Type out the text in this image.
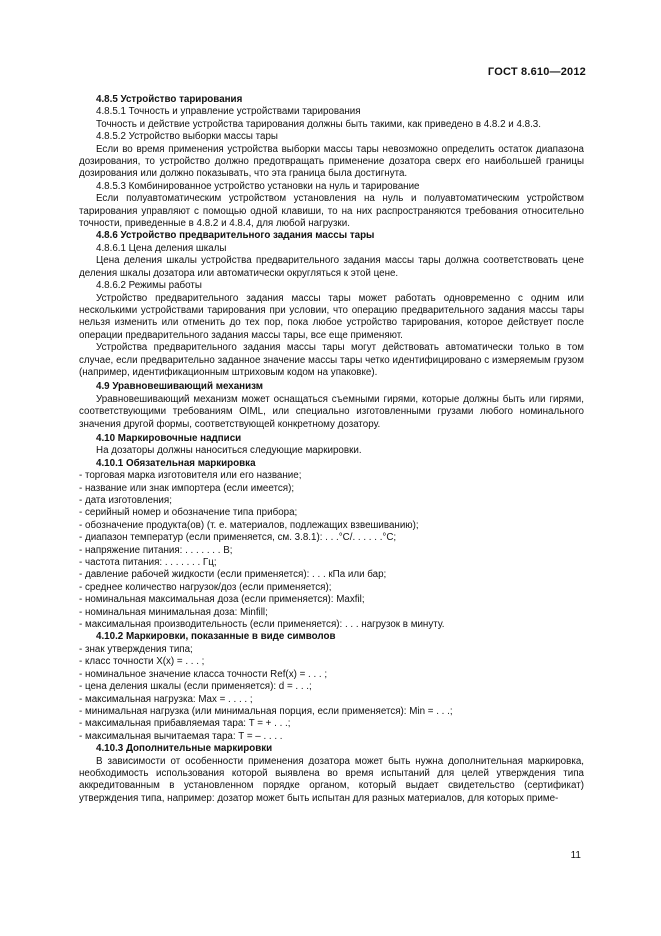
ГОСТ 8.610—2012

4.8.5 Устройство тарирования

4.8.5.1 Точность и управление устройствами тарирования

Точность и действие устройства тарирования должны быть такими, как приведено в 4.8.2 и 4.8.3.

4.8.5.2 Устройство выборки массы тары

Если во время применения устройства выборки массы тары невозможно определить остаток диапазона дозирования, то устройство должно предотвращать применение дозатора сверх его наибольшей границы дозирования или должно показывать, что эта граница была достигнута.

4.8.5.3 Комбинированное устройство установки на нуль и тарирование

Если полуавтоматическим устройством установления на нуль и полуавтоматическим устройством тарирования управляют с помощью одной клавиши, то на них распространяются требования относительно точности, приведенные в 4.8.2 и 4.8.4, для любой нагрузки.

4.8.6 Устройство предварительного задания массы тары

4.8.6.1 Цена деления шкалы

Цена деления шкалы устройства предварительного задания массы тары должна соответствовать цене деления шкалы дозатора или автоматически округляться к этой цене.

4.8.6.2 Режимы работы

Устройство предварительного задания массы тары может работать одновременно с одним или несколькими устройствами тарирования при условии, что операцию предварительного задания массы тары нельзя изменить или отменить до тех пор, пока любое устройство тарирования, которое действует после операции предварительного задания массы тары, все еще применяют.

Устройства предварительного задания массы тары могут действовать автоматически только в том случае, если предварительно заданное значение массы тары четко идентифицировано с измеряемым грузом (например, идентификационным штриховым кодом на упаковке).

4.9 Уравновешивающий механизм

Уравновешивающий механизм может оснащаться съемными гирями, которые должны быть или гирями, соответствующими требованиям OIML, или специально изготовленными грузами любого номинального значения другой формы, соответствующей конкретному дозатору.

4.10 Маркировочные надписи

На дозаторы должны наноситься следующие маркировки.

4.10.1 Обязательная маркировка

- торговая марка изготовителя или его название;

- название или знак импортера (если имеется);

- дата изготовления;

- серийный номер и обозначение типа прибора;

- обозначение продукта(ов) (т. е. материалов, подлежащих взвешиванию);

- диапазон температур (если применяется, см. 3.8.1): . . .°С/. . . . . .°С;

- напряжение питания: . . . . . . . В;

- частота питания: . . . . . . . Гц;

- давление рабочей жидкости (если применяется): . . . кПа или бар;

- среднее количество нагрузок/доз (если применяется);

- номинальная максимальная доза (если применяется): Maxfil;

- номинальная минимальная доза: Minfill;

- максимальная производительность (если применяется): . . . нагрузок в минуту.

4.10.2 Маркировки, показанные в виде символов

- знак утверждения типа;

- класс точности X(x) = . . . ;

- номинальное значение класса точности Ref(x) = . . . ;

- цена деления шкалы (если применяется): d = . . .;

- максимальная нагрузка: Max = . . . . ;

- минимальная нагрузка (или минимальная порция, если применяется): Min = . . .;

- максимальная прибавляемая тара: T = + . . .;

- максимальная вычитаемая тара: T = – . . . .

4.10.3 Дополнительные маркировки

В зависимости от особенности применения дозатора может быть нужна дополнительная маркировка, необходимость использования которой выявлена во время испытаний для целей утверждения типа аккредитованным в установленном порядке органом, который выдает свидетельство (сертификат) утверждения типа, например: дозатор может быть испытан для разных материалов, для которых приме-

11
